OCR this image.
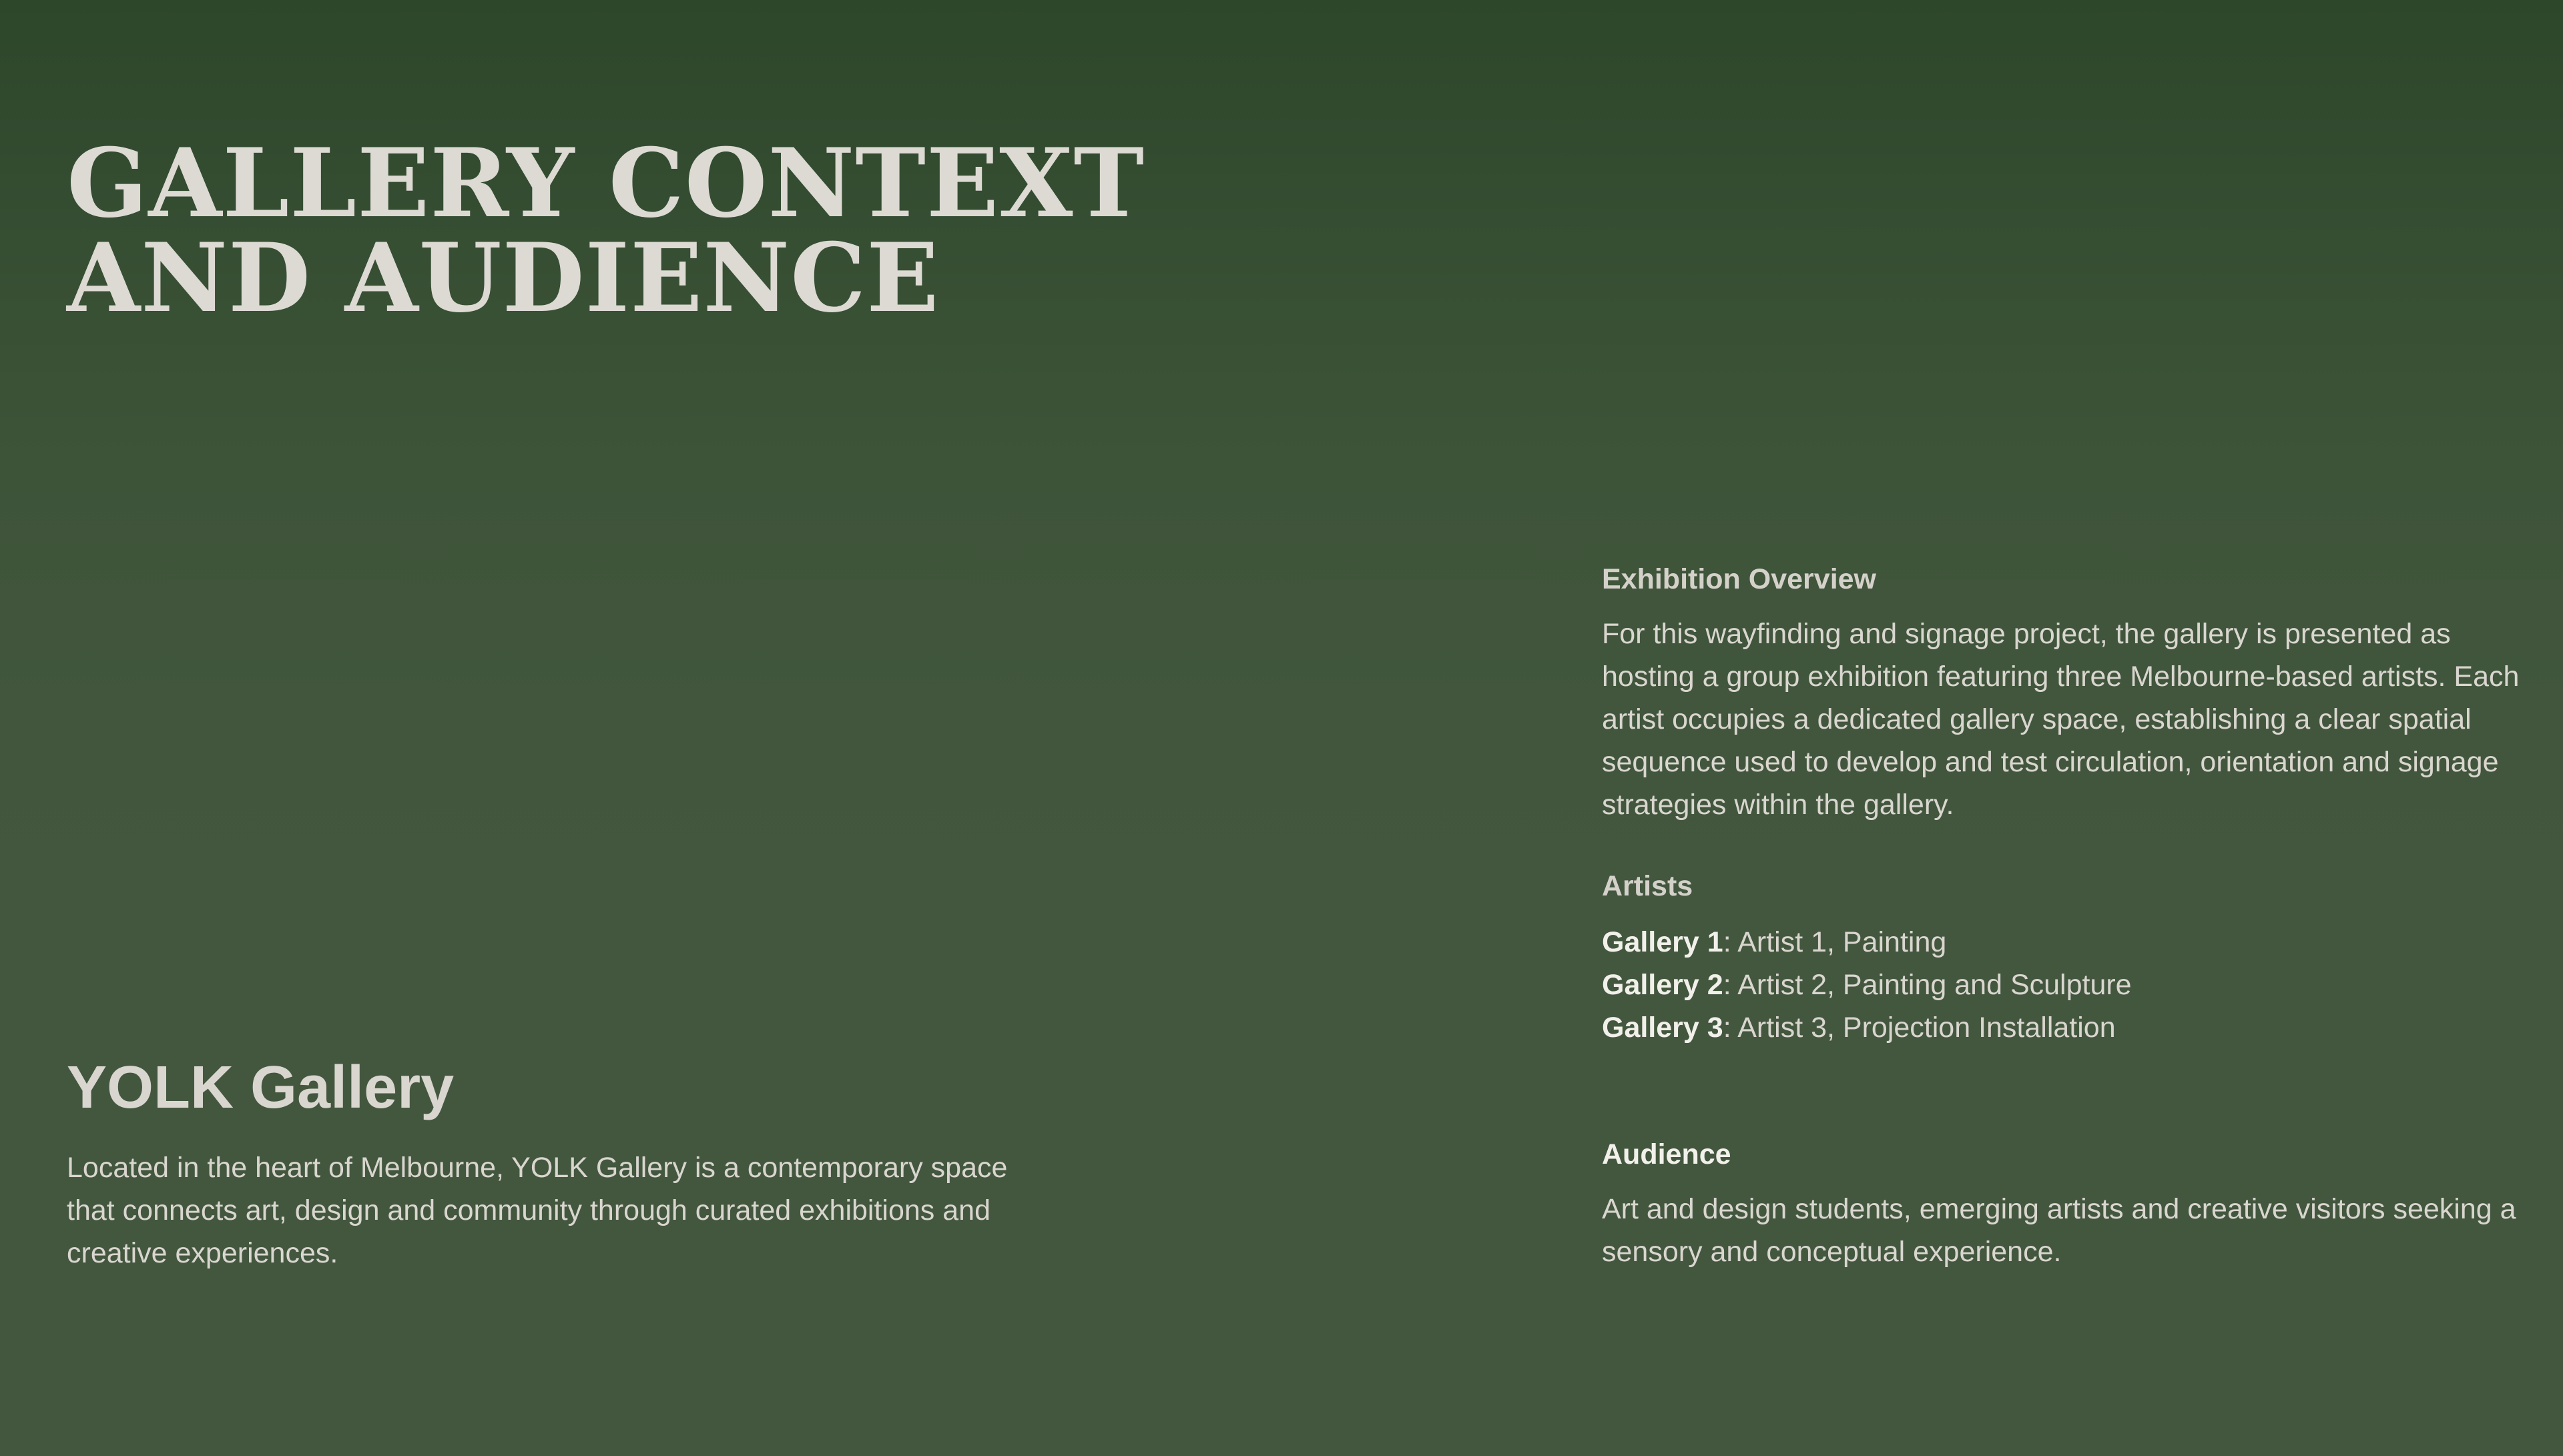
GALLERY CONTEXT
AND AUDIENCE
YOLK Gallery

Located in the heart of Melbourne, YOLK Gallery is a contemporary space that connects art, design and community through curated exhibitions and creative experiences.

Exhibition Overview

For this wayfinding and signage project, the gallery is presented as hosting a group exhibition featuring three Melbourne-based artists. Each artist occupies a dedicated gallery space, establishing a clear spatial sequence used to develop and test circulation, orientation and signage strategies within the gallery.

Artists
Gallery 1: Artist 1, Painting
Gallery 2: Artist 2, Painting and Sculpture
Gallery 3: Artist 3, Projection Installation
Audience

Art and design students, emerging artists and creative visitors seeking a sensory and conceptual experience.
